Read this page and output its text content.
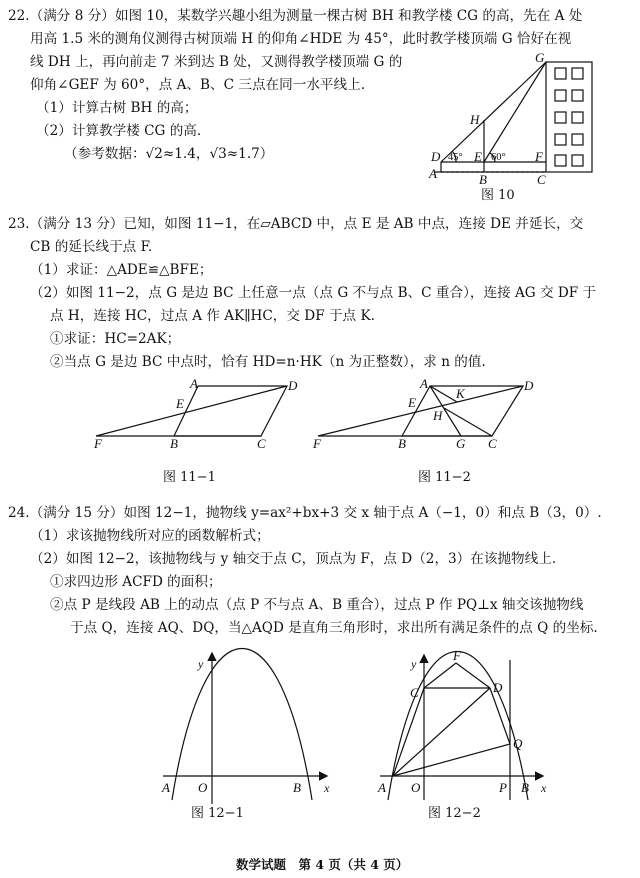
22.（满分 8 分）如图 10，某数学兴趣小组为测量一棵古树 BH 和教学楼 CG 的高，先在 A 处
用高 1.5 米的测角仪测得古树顶端 H 的仰角∠HDE 为 45°，此时教学楼顶端 G 恰好在视
线 DH 上，再向前走 7 米到达 B 处，又测得教学楼顶端 G 的
仰角∠GEF 为 60°，点 A、B、C 三点在同一水平线上.
（1）计算古树 BH 的高；
（2）计算教学楼 CG 的高.
（参考数据：√2≈1.4，√3≈1.7）
G
H
D	E	F
A	B	C
45°	60°
图 10
23.（满分 13 分）已知，如图 11−1，在▱ABCD 中，点 E 是 AB 中点，连接 DE 并延长，交
CB 的延长线于点 F.
（1）求证：△ADE≌△BFE；
（2）如图 11−2，点 G 是边 BC 上任意一点（点 G 不与点 B、C 重合），连接 AG 交 DF 于
点 H，连接 HC，过点 A 作 AK∥HC，交 DF 于点 K.
①求证：HC=2AK；
②当点 G 是边 BC 中点时，恰有 HD=n·HK（n 为正整数），求 n 的值.
A	D
E
F	B	C
图 11−1
A	D
K
E
H
F	B	G C
图 11−2
24.（满分 15 分）如图 12−1，抛物线 y=ax²+bx+3 交 x 轴于点 A（−1，0）和点 B（3，0）.
（1）求该抛物线所对应的函数解析式；
（2）如图 12−2，该抛物线与 y 轴交于点 C，顶点为 F，点 D（2，3）在该抛物线上.
①求四边形 ACFD 的面积；
②点 P 是线段 AB 上的动点（点 P 不与点 A、B 重合），过点 P 作 PQ⊥x 轴交该抛物线
于点 Q，连接 AQ、DQ，当△AQD 是直角三角形时，求出所有满足条件的点 Q 的坐标.
y
A O	B x
图 12−1
y
F
C	D
Q
A O	P B x
图 12−2
数学试题　第 4 页（共 4 页）
